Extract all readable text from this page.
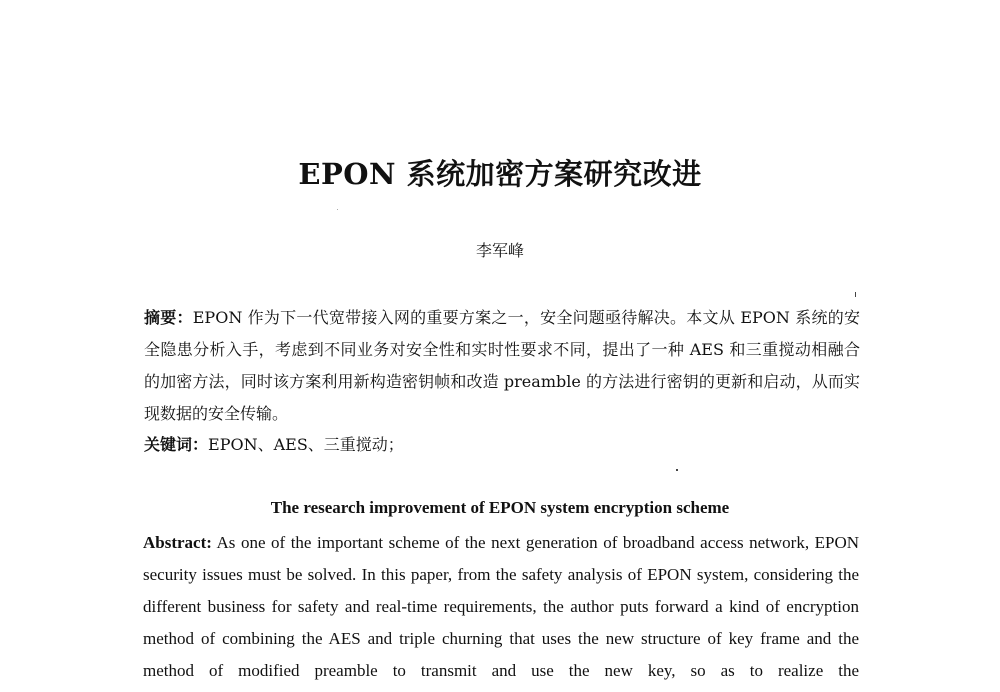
EPON 系统加密方案研究改进
李军峰
摘要：EPON 作为下一代宽带接入网的重要方案之一，安全问题亟待解决。本文从 EPON 系统的安全隐患分析入手，考虑到不同业务对安全性和实时性要求不同，提出了一种 AES 和三重搅动相融合的加密方法，同时该方案利用新构造密钥帧和改造 preamble 的方法进行密钥的更新和启动，从而实现数据的安全传输。
关键词：EPON、AES、三重搅动；
The research improvement of EPON system encryption scheme
Abstract: As one of the important scheme of the next generation of broadband access network, EPON security issues must be solved. In this paper, from the safety analysis of EPON system, considering the different business for safety and real-time requirements, the author puts forward a kind of encryption method of combining the AES and triple churning that uses the new structure of key frame and the method of modified preamble to transmit and use the new key, so as to realize the
